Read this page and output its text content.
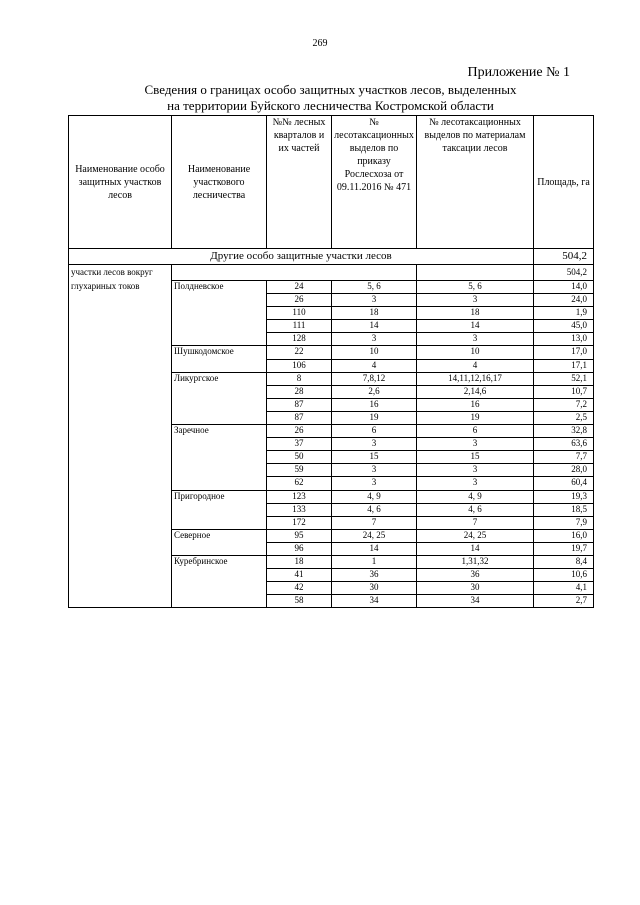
269
Приложение № 1
Сведения о границах особо защитных участков лесов, выделенных
на территории Буйского лесничества Костромской области
Наименование особо защитных участков лесов	Наименование участкового лесничества	№№ лесных кварталов и их частей	№ лесотаксационных выделов по приказу Рослесхоза от 09.11.2016 № 471	№ лесотаксационных выделов по материалам таксации лесов	Площадь, га
Другие особо защитные участки лесов					504,2
участки лесов вокруг глухариных токов					504,2
	Полдневское	24	5, 6	5, 6	14,0
		26	3	3	24,0
		110	18	18	1,9
		111	14	14	45,0
		128	3	3	13,0
	Шушкодомское	22	10	10	17,0
		106	4	4	17,1
	Ликургское	8	7,8,12	14,11,12,16,17	52,1
		28	2,6	2,14,6	10,7
		87	16	16	7,2
		87	19	19	2,5
	Заречное	26	6	6	32,8
		37	3	3	63,6
		50	15	15	7,7
		59	3	3	28,0
		62	3	3	60,4
	Пригородное	123	4, 9	4, 9	19,3
		133	4, 6	4, 6	18,5
		172	7	7	7,9
	Северное	95	24, 25	24, 25	16,0
		96	14	14	19,7
	Куребринское	18	1	1,31,32	8,4
		41	36	36	10,6
		42	30	30	4,1
		58	34	34	2,7
